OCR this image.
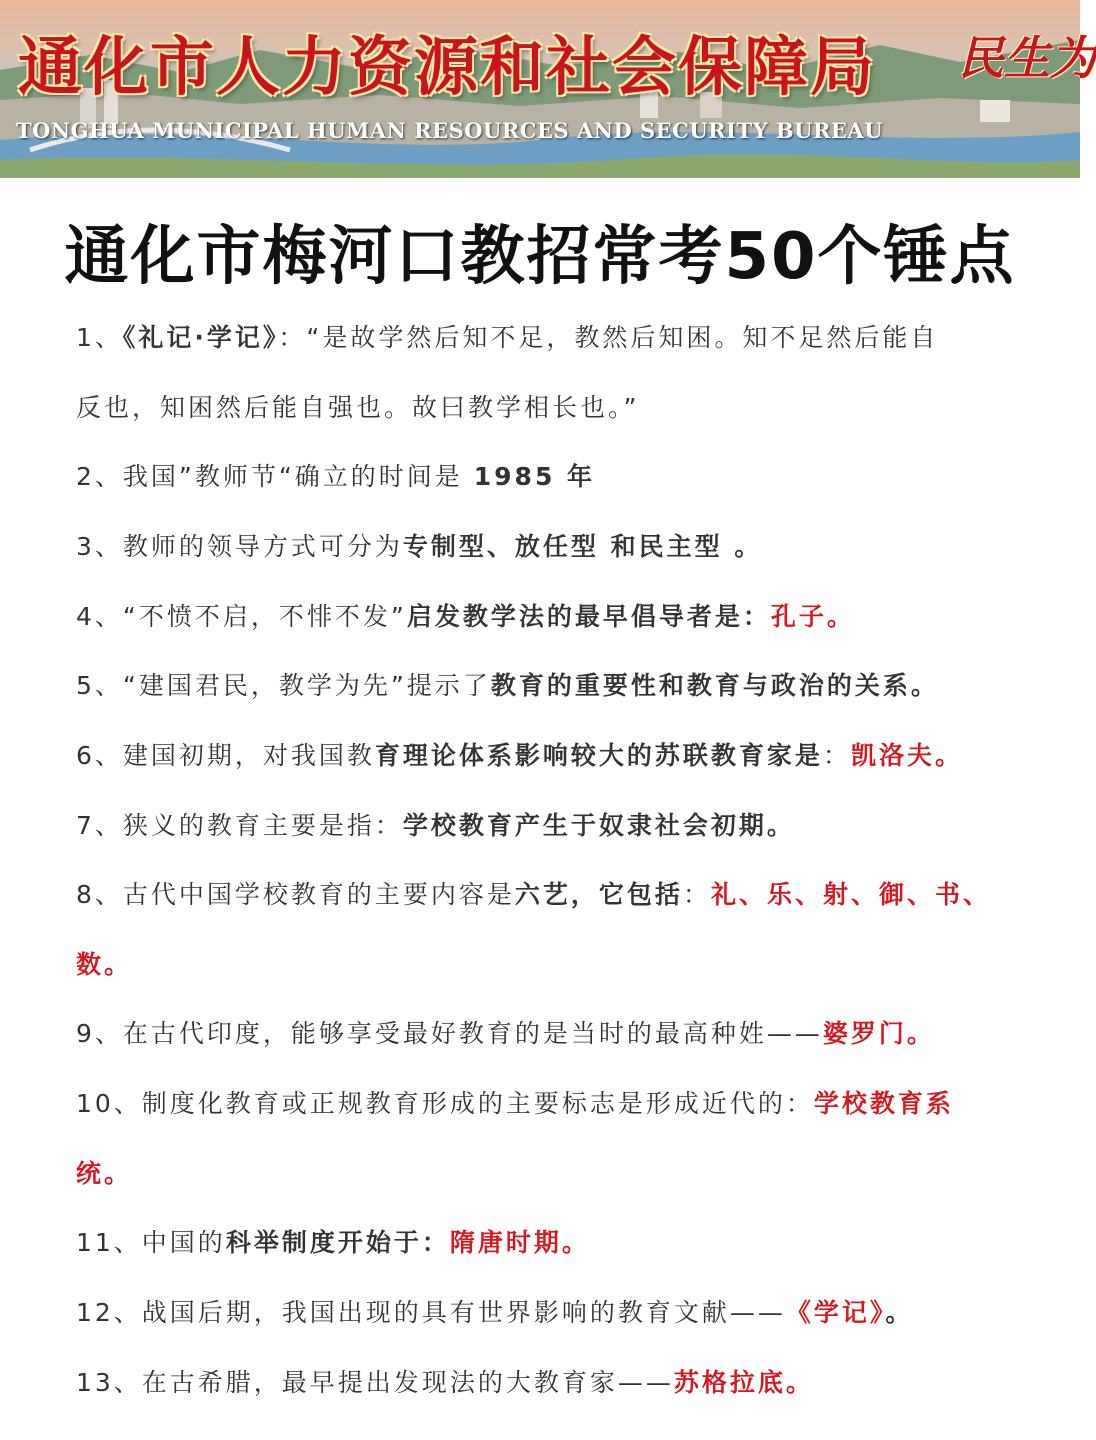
通化市人力资源和社会保障局 民生为
TONGHUA MUNICIPAL HUMAN RESOURCES AND SECURITY BUREAU
通化市梅河口教招常考50个锤点
1、《礼记·学记》：“是故学然后知不足，教然后知困。知不足然后能自
反也，知困然后能自强也。故曰教学相长也。”
2、我国”教师节“确立的时间是 1985 年
3、教师的领导方式可分为专制型、放任型 和民主型 。
4、“不愤不启，不悱不发”启发教学法的最早倡导者是：孔子。
5、“建国君民，教学为先”提示了教育的重要性和教育与政治的关系。
6、建国初期，对我国教育理论体系影响较大的苏联教育家是：凯洛夫。
7、狭义的教育主要是指：学校教育产生于奴隶社会初期。
8、古代中国学校教育的主要内容是六艺，它包括：礼、乐、射、御、书、
数。
9、在古代印度，能够享受最好教育的是当时的最高种姓——婆罗门。
10、制度化教育或正规教育形成的主要标志是形成近代的：学校教育系
统。
11、中国的科举制度开始于：隋唐时期。
12、战国后期，我国出现的具有世界影响的教育文献——《学记》。
13、在古希腊，最早提出发现法的大教育家——苏格拉底。
